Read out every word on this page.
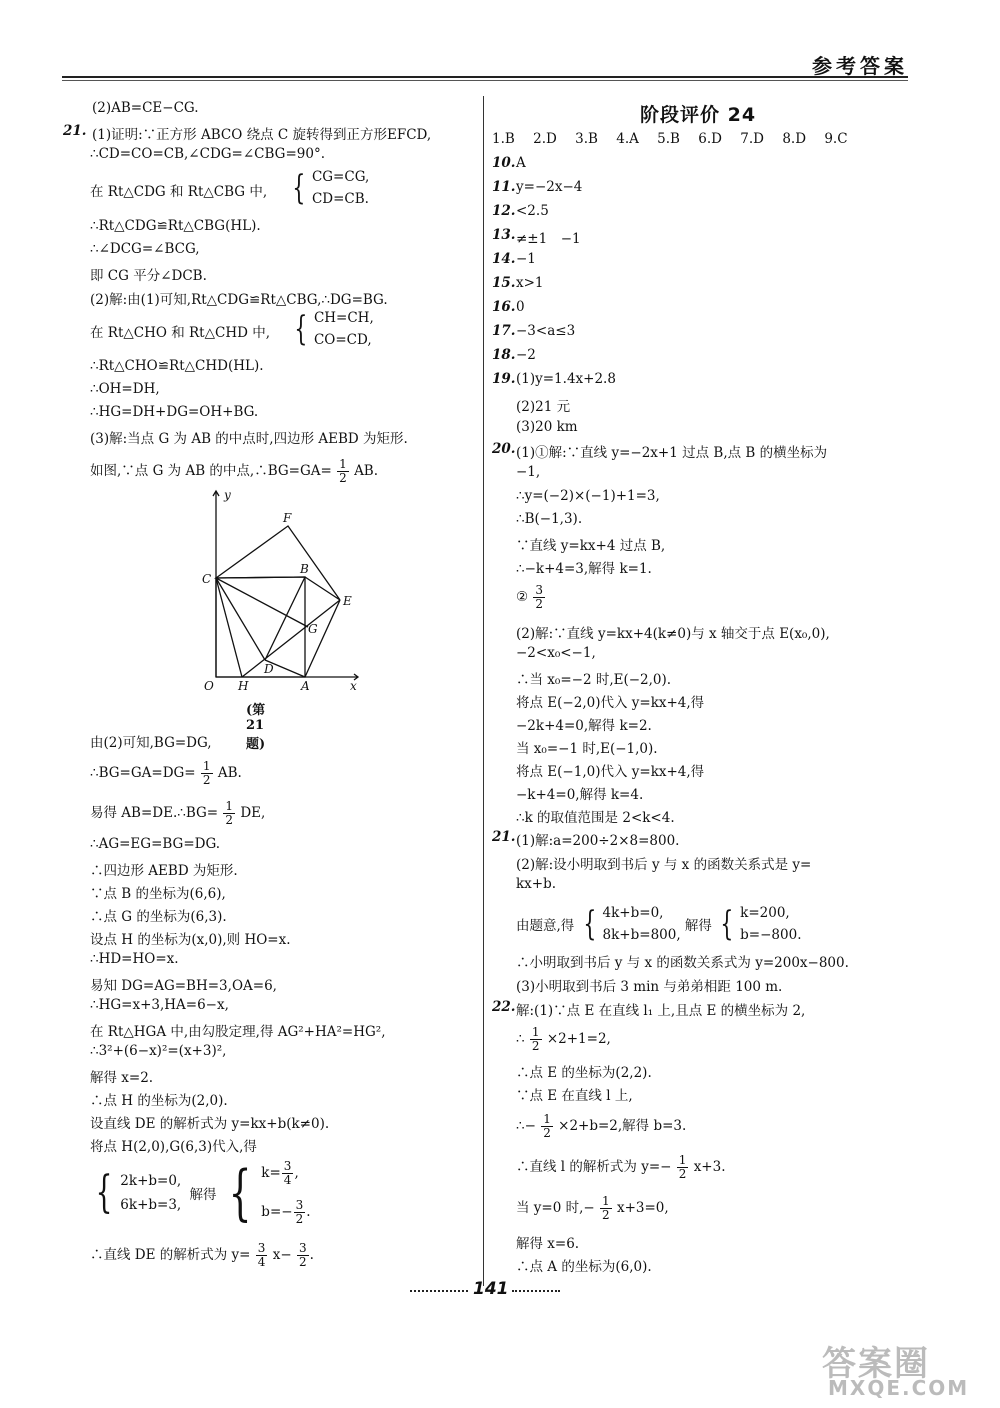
参考答案
(2)AB=CE−CG.
21. (1)证明:∵正方形 ABCO 绕点 C 旋转得到正方形EFCD,
∴CD=CO=CB,∠CDG=∠CBG=90°.
在 Rt△CDG 和 Rt△CBG 中, { CG=CG,
CD=CB.
∴Rt△CDG≌Rt△CBG(HL).
∴∠DCG=∠BCG,
即 CG 平分∠DCB.
(2)解:由(1)可知,Rt△CDG≌Rt△CBG,∴DG=BG.
在 Rt△CHO 和 Rt△CHD 中, { CH=CH,
CO=CD,
∴Rt△CHO≌Rt△CHD(HL).
∴OH=DH,
∴HG=DH+DG=OH+BG.
(3)解:当点 G 为 AB 的中点时,四边形 AEBD 为矩形.
如图,∵点 G 为 AB 的中点,∴BG=GA= $\frac{1}{2}$ AB.
y
x
O H
D
A
C
F
B
E
G
(第 21 题)
由(2)可知,BG=DG,
∴BG=GA=DG= $\frac{1}{2}$ AB.
易得 AB=DE.∴BG= $\frac{1}{2}$ DE,
∴AG=EG=BG=DG.
∴四边形 AEBD 为矩形.
∵点 B 的坐标为(6,6),
∴点 G 的坐标为(6,3).
设点 H 的坐标为(x,0),则 HO=x.
∴HD=HO=x.
易知 DG=AG=BH=3,OA=6,
∴HG=x+3,HA=6−x,
在 Rt△HGA 中,由勾股定理,得 AG²+HA²=HG²,
∴3²+(6−x)²=(x+3)²,
解得 x=2.
∴点 H 的坐标为(2,0).
设直线 DE 的解析式为 y=kx+b(k≠0).
将点 H(2,0),G(6,3)代入,得
{ 2k+b=0,
6k+b=3,
解得 { $k= \frac{3}{4}$ ,
$b=- \frac{3}{2}$ .
∴直线 DE 的解析式为 $y= \frac{3}{4} x- \frac{3}{2}$ .
阶段评价 24
1.B 2.D 3.B 4.A 5.B 6.D 7.D 8.D 9.C
10. A
11. y=−2x−4
12. <2.5
13. ≠±1　−1
14. −1
15. x>1
16. 0
17. −3<a≤3
18. −2
19. (1)y=1.4x+2.8
(2)21 元
(3)20 km
20. (1)①解:∵直线 y=−2x+1 过点 B,点 B 的横坐标为
−1,
∴y=(−2)×(−1)+1=3,
∴B(−1,3).
∵直线 y=kx+4 过点 B,
∴−k+4=3,解得 k=1.
② $\frac{3}{2}$
(2)解:∵直线 y=kx+4(k≠0)与 x 轴交于点 E(x₀,0),
−2<x₀<−1,
∴当 x₀=−2 时,E(−2,0).
将点 E(−2,0)代入 y=kx+4,得
−2k+4=0,解得 k=2.
当 x₀=−1 时,E(−1,0).
将点 E(−1,0)代入 y=kx+4,得
−k+4=0,解得 k=4.
∴k 的取值范围是 2<k<4.
21. (1)解:a=200÷2×8=800.
(2)解:设小明取到书后 y 与 x 的函数关系式是 y=
kx+b.
由题意,得 { 4k+b=0,
8k+b=800,
解得 { k=200,
b=−800.
∴小明取到书后 y 与 x 的函数关系式为 y=200x−800.
(3)小明取到书后 3 min 与弟弟相距 100 m.
22. 解:(1)∵点 E 在直线 l₁ 上,且点 E 的横坐标为 2,
∴ $\frac{1}{2} \times 2+1=2$,
∴点 E 的坐标为(2,2).
∵点 E 在直线 l 上,
∴− $\frac{1}{2} \times 2+b=2$,解得 b=3.
∴直线 l 的解析式为 $y=- \frac{1}{2} x+3$.
当 y=0 时,− $\frac{1}{2} x+3=0$,
解得 x=6.
∴点 A 的坐标为(6,0).
141
答案圈
MXQE.COM
